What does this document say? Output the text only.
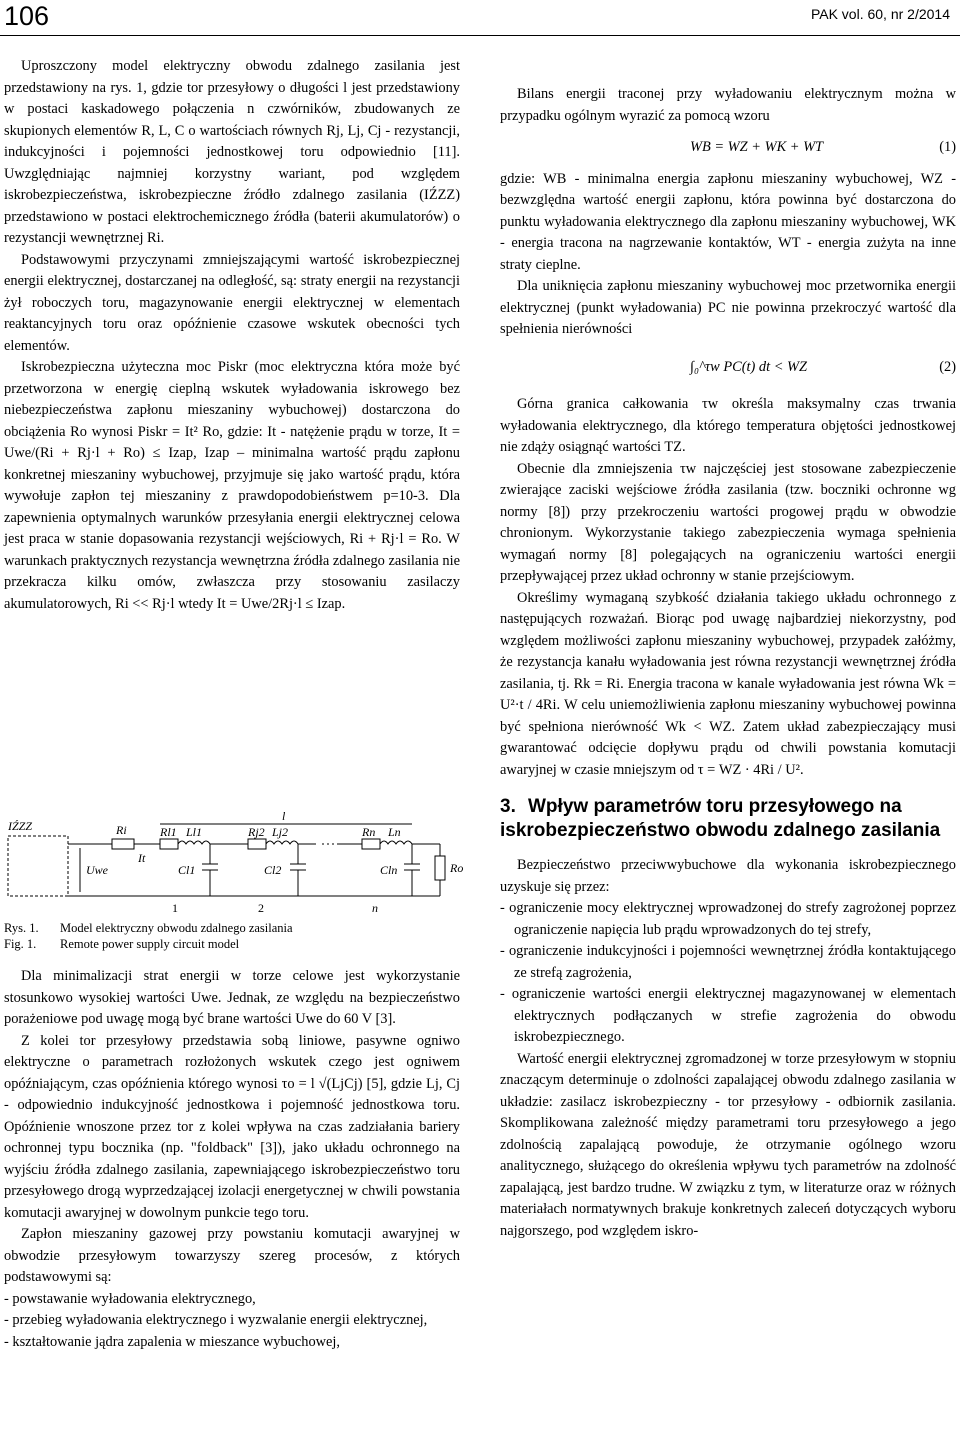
106	PAK vol. 60, nr 2/2014

Uproszczony model elektryczny obwodu zdalnego zasilania jest przedstawiony na rys. 1, gdzie tor przesyłowy o długości l jest przedstawiony w postaci kaskadowego połączenia n czwórników, zbudowanych ze skupionych elementów R, L, C o wartościach równych Rj, Lj, Cj - rezystancji, indukcyjności i pojemności jednostkowej toru odpowiednio [11]. Uwzględniając najmniej korzystny wariant, pod względem iskrobezpieczeństwa, iskrobezpieczne źródło zdalnego zasilania (IŹZZ) przedstawiono w postaci elektrochemicznego źródła (baterii akumulatorów) o rezystancji wewnętrznej Ri.

Podstawowymi przyczynami zmniejszającymi wartość iskrobezpiecznej energii elektrycznej, dostarczanej na odległość, są: straty energii na rezystancji żył roboczych toru, magazynowanie energii elektrycznej w elementach reaktancyjnych toru oraz opóźnienie czasowe wskutek obecności tych elementów.

Iskrobezpieczna użyteczna moc Piskr (moc elektryczna która może być przetworzona w energię cieplną wskutek wyładowania iskrowego bez niebezpieczeństwa zapłonu mieszaniny wybuchowej) dostarczona do obciążenia Ro wynosi Piskr = It² Ro, gdzie: It - natężenie prądu w torze, It = Uwe/(Ri + Rj·l + Ro) ≤ Izap, Izap – minimalna wartość prądu zapłonu konkretnej mieszaniny wybuchowej, przyjmuje się jako wartość prądu, która wywołuje zapłon tej mieszaniny z prawdopodobieństwem p=10-3. Dla zapewnienia optymalnych warunków przesyłania energii elektrycznej celowa jest praca w stanie dopasowania rezystancji wejściowych, Ri + Rj·l = Ro. W warunkach praktycznych rezystancja wewnętrzna źródła zdalnego zasilania nie przekracza kilku omów, zwłaszcza przy stosowaniu zasilaczy akumulatorowych, Ri << Rj·l wtedy It = Uwe/2Rj·l ≤ Izap.

IŹZZ	Ri
Uwe
It
Rl1 Ll1
Cl1
Rj2 Lj2
Cl2
Rn Ln
Cln	Ro
l
1	2	n
Rys. 1. Model elektryczny obwodu zdalnego zasilania
Fig. 1. Remote power supply circuit model

Dla minimalizacji strat energii w torze celowe jest wykorzystanie stosunkowo wysokiej wartości Uwe. Jednak, ze względu na bezpieczeństwo porażeniowe pod uwagę mogą być brane wartości Uwe do 60 V [3].

Z kolei tor przesyłowy przedstawia sobą liniowe, pasywne ogniwo elektryczne o parametrach rozłożonych wskutek czego jest ogniwem opóźniającym, czas opóźnienia którego wynosi τo = l √(LjCj) [5], gdzie Lj, Cj - odpowiednio indukcyjność jednostkowa i pojemność jednostkowa toru. Opóźnienie wnoszone przez tor z kolei wpływa na czas zadziałania bariery ochronnej typu bocznika (np. "foldback" [3]), jako układu ochronnego na wyjściu źródła zdalnego zasilania, zapewniającego iskrobezpieczeństwo toru przesyłowego drogą wyprzedzającej izolacji energetycznej w chwili powstania komutacji awaryjnej w dowolnym punkcie tego toru.

Zapłon mieszaniny gazowej przy powstaniu komutacji awaryjnej w obwodzie przesyłowym towarzyszy szereg procesów, z których podstawowymi są:

- powstawanie wyładowania elektrycznego,

- przebieg wyładowania elektrycznego i wyzwalanie energii elektrycznej,

- kształtowanie jądra zapalenia w mieszance wybuchowej,

Bilans energii traconej przy wyładowaniu elektrycznym można w przypadku ogólnym wyrazić za pomocą wzoru

WB = WZ + WK + WT	(1)

gdzie: WB - minimalna energia zapłonu mieszaniny wybuchowej, WZ - bezwzględna wartość energii zapłonu, która powinna być dostarczona do punktu wyładowania elektrycznego dla zapłonu mieszaniny wybuchowej, WK - energia tracona na nagrzewanie kontaktów, WT - energia zużyta na inne straty cieplne.

Dla uniknięcia zapłonu mieszaniny wybuchowej moc przetwornika energii elektrycznej (punkt wyładowania) PC nie powinna przekroczyć wartość dla spełnienia nierówności

∫₀^τw PC(t) dt < WZ	(2)

Górna granica całkowania τw określa maksymalny czas trwania wyładowania elektrycznego, dla którego temperatura objętości jednostkowej nie zdąży osiągnąć wartości TZ.

Obecnie dla zmniejszenia τw najczęściej jest stosowane zabezpieczenie zwierające zaciski wejściowe źródła zasilania (tzw. boczniki ochronne wg normy [8]) przy przekroczeniu wartości progowej prądu w obwodzie chronionym. Wykorzystanie takiego zabezpieczenia wymaga spełnienia wymagań normy [8] polegających na ograniczeniu wartości energii przepływającej przez układ ochronny w stanie przejściowym.

Określimy wymaganą szybkość działania takiego układu ochronnego z następujących rozważań. Biorąc pod uwagę najbardziej niekorzystny, pod względem możliwości zapłonu mieszaniny wybuchowej, przypadek załóżmy, że rezystancja kanału wyładowania jest równa rezystancji wewnętrznej źródła zasilania, tj. Rk = Ri. Energia tracona w kanale wyładowania jest równa Wk = U²·t / 4Ri. W celu uniemożliwienia zapłonu mieszaniny wybuchowej powinna być spełniona nierówność Wk < WZ. Zatem układ zabezpieczający musi gwarantować odcięcie dopływu prądu od chwili powstania komutacji awaryjnej w czasie mniejszym od τ = WZ · 4Ri / U².

3. Wpływ parametrów toru przesyłowego na iskrobezpieczeństwo obwodu zdalnego zasilania

Bezpieczeństwo przeciwwybuchowe dla wykonania iskrobezpiecznego uzyskuje się przez:

- ograniczenie mocy elektrycznej wprowadzonej do strefy zagrożonej poprzez ograniczenie napięcia lub prądu wprowadzonych do tej strefy,

- ograniczenie indukcyjności i pojemności wewnętrznej źródła kontaktującego ze strefą zagrożenia,

- ograniczenie wartości energii elektrycznej magazynowanej w elementach elektrycznych podłączanych w strefie zagrożenia do obwodu iskrobezpiecznego.

Wartość energii elektrycznej zgromadzonej w torze przesyłowym w stopniu znaczącym determinuje o zdolności zapalającej obwodu zdalnego zasilania w układzie: zasilacz iskrobezpieczny - tor przesyłowy - odbiornik zasilania. Skomplikowana zależność między parametrami toru przesyłowego a jego zdolnością zapalającą powoduje, że otrzymanie ogólnego wzoru analitycznego, służącego do określenia wpływu tych parametrów na zdolność zapalającą, jest bardzo trudne. W związku z tym, w literaturze oraz w różnych materiałach normatywnych brakuje konkretnych zaleceń dotyczących wyboru najgorszego, pod względem iskro-
